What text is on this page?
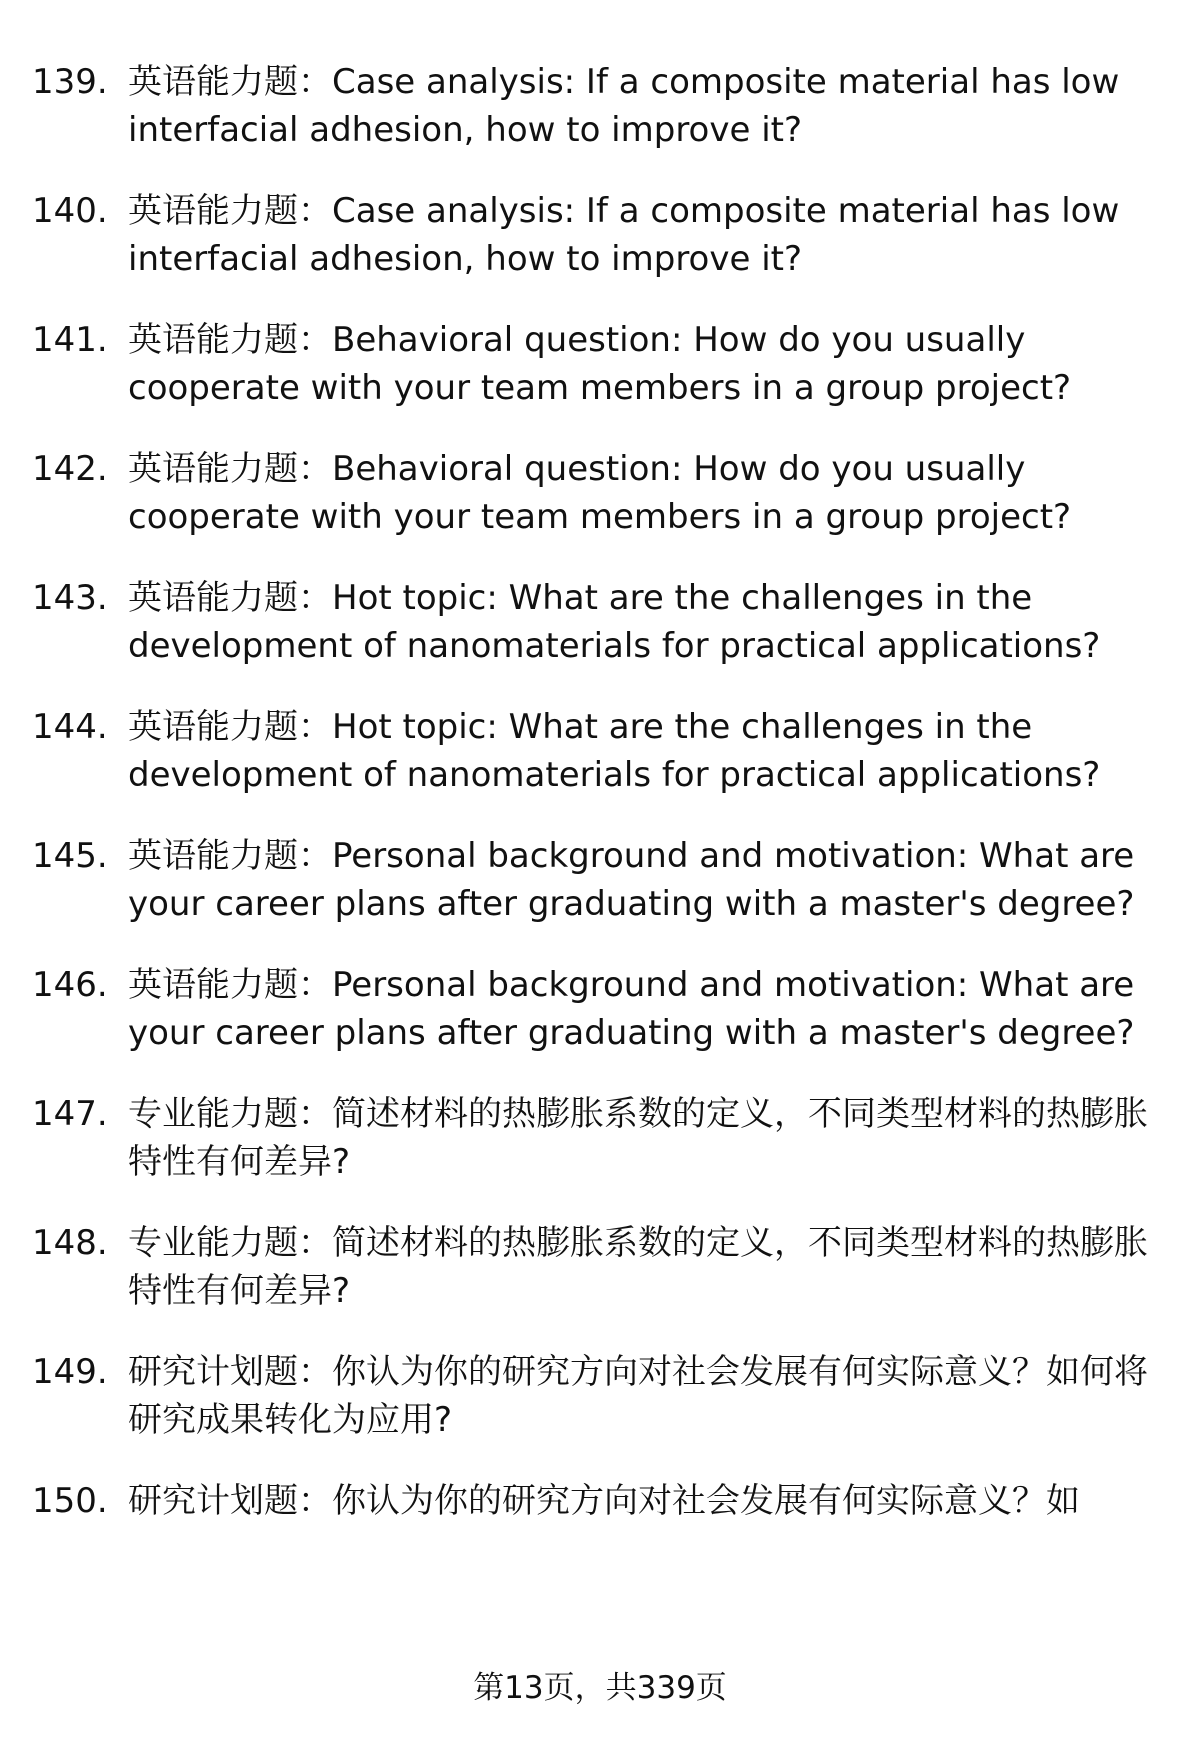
139. 英语能力题：Case analysis: If a composite material has low interfacial adhesion, how to improve it?
140. 英语能力题：Case analysis: If a composite material has low interfacial adhesion, how to improve it?
141. 英语能力题：Behavioral question: How do you usually cooperate with your team members in a group project?
142. 英语能力题：Behavioral question: How do you usually cooperate with your team members in a group project?
143. 英语能力题：Hot topic: What are the challenges in the development of nanomaterials for practical applications?
144. 英语能力题：Hot topic: What are the challenges in the development of nanomaterials for practical applications?
145. 英语能力题：Personal background and motivation: What are your career plans after graduating with a master's degree?
146. 英语能力题：Personal background and motivation: What are your career plans after graduating with a master's degree?
147. 专业能力题：简述材料的热膨胀系数的定义，不同类型材料的热膨胀特性有何差异?
148. 专业能力题：简述材料的热膨胀系数的定义，不同类型材料的热膨胀特性有何差异?
149. 研究计划题：你认为你的研究方向对社会发展有何实际意义？如何将研究成果转化为应用?
150. 研究计划题：你认为你的研究方向对社会发展有何实际意义？如
第13页，共339页
